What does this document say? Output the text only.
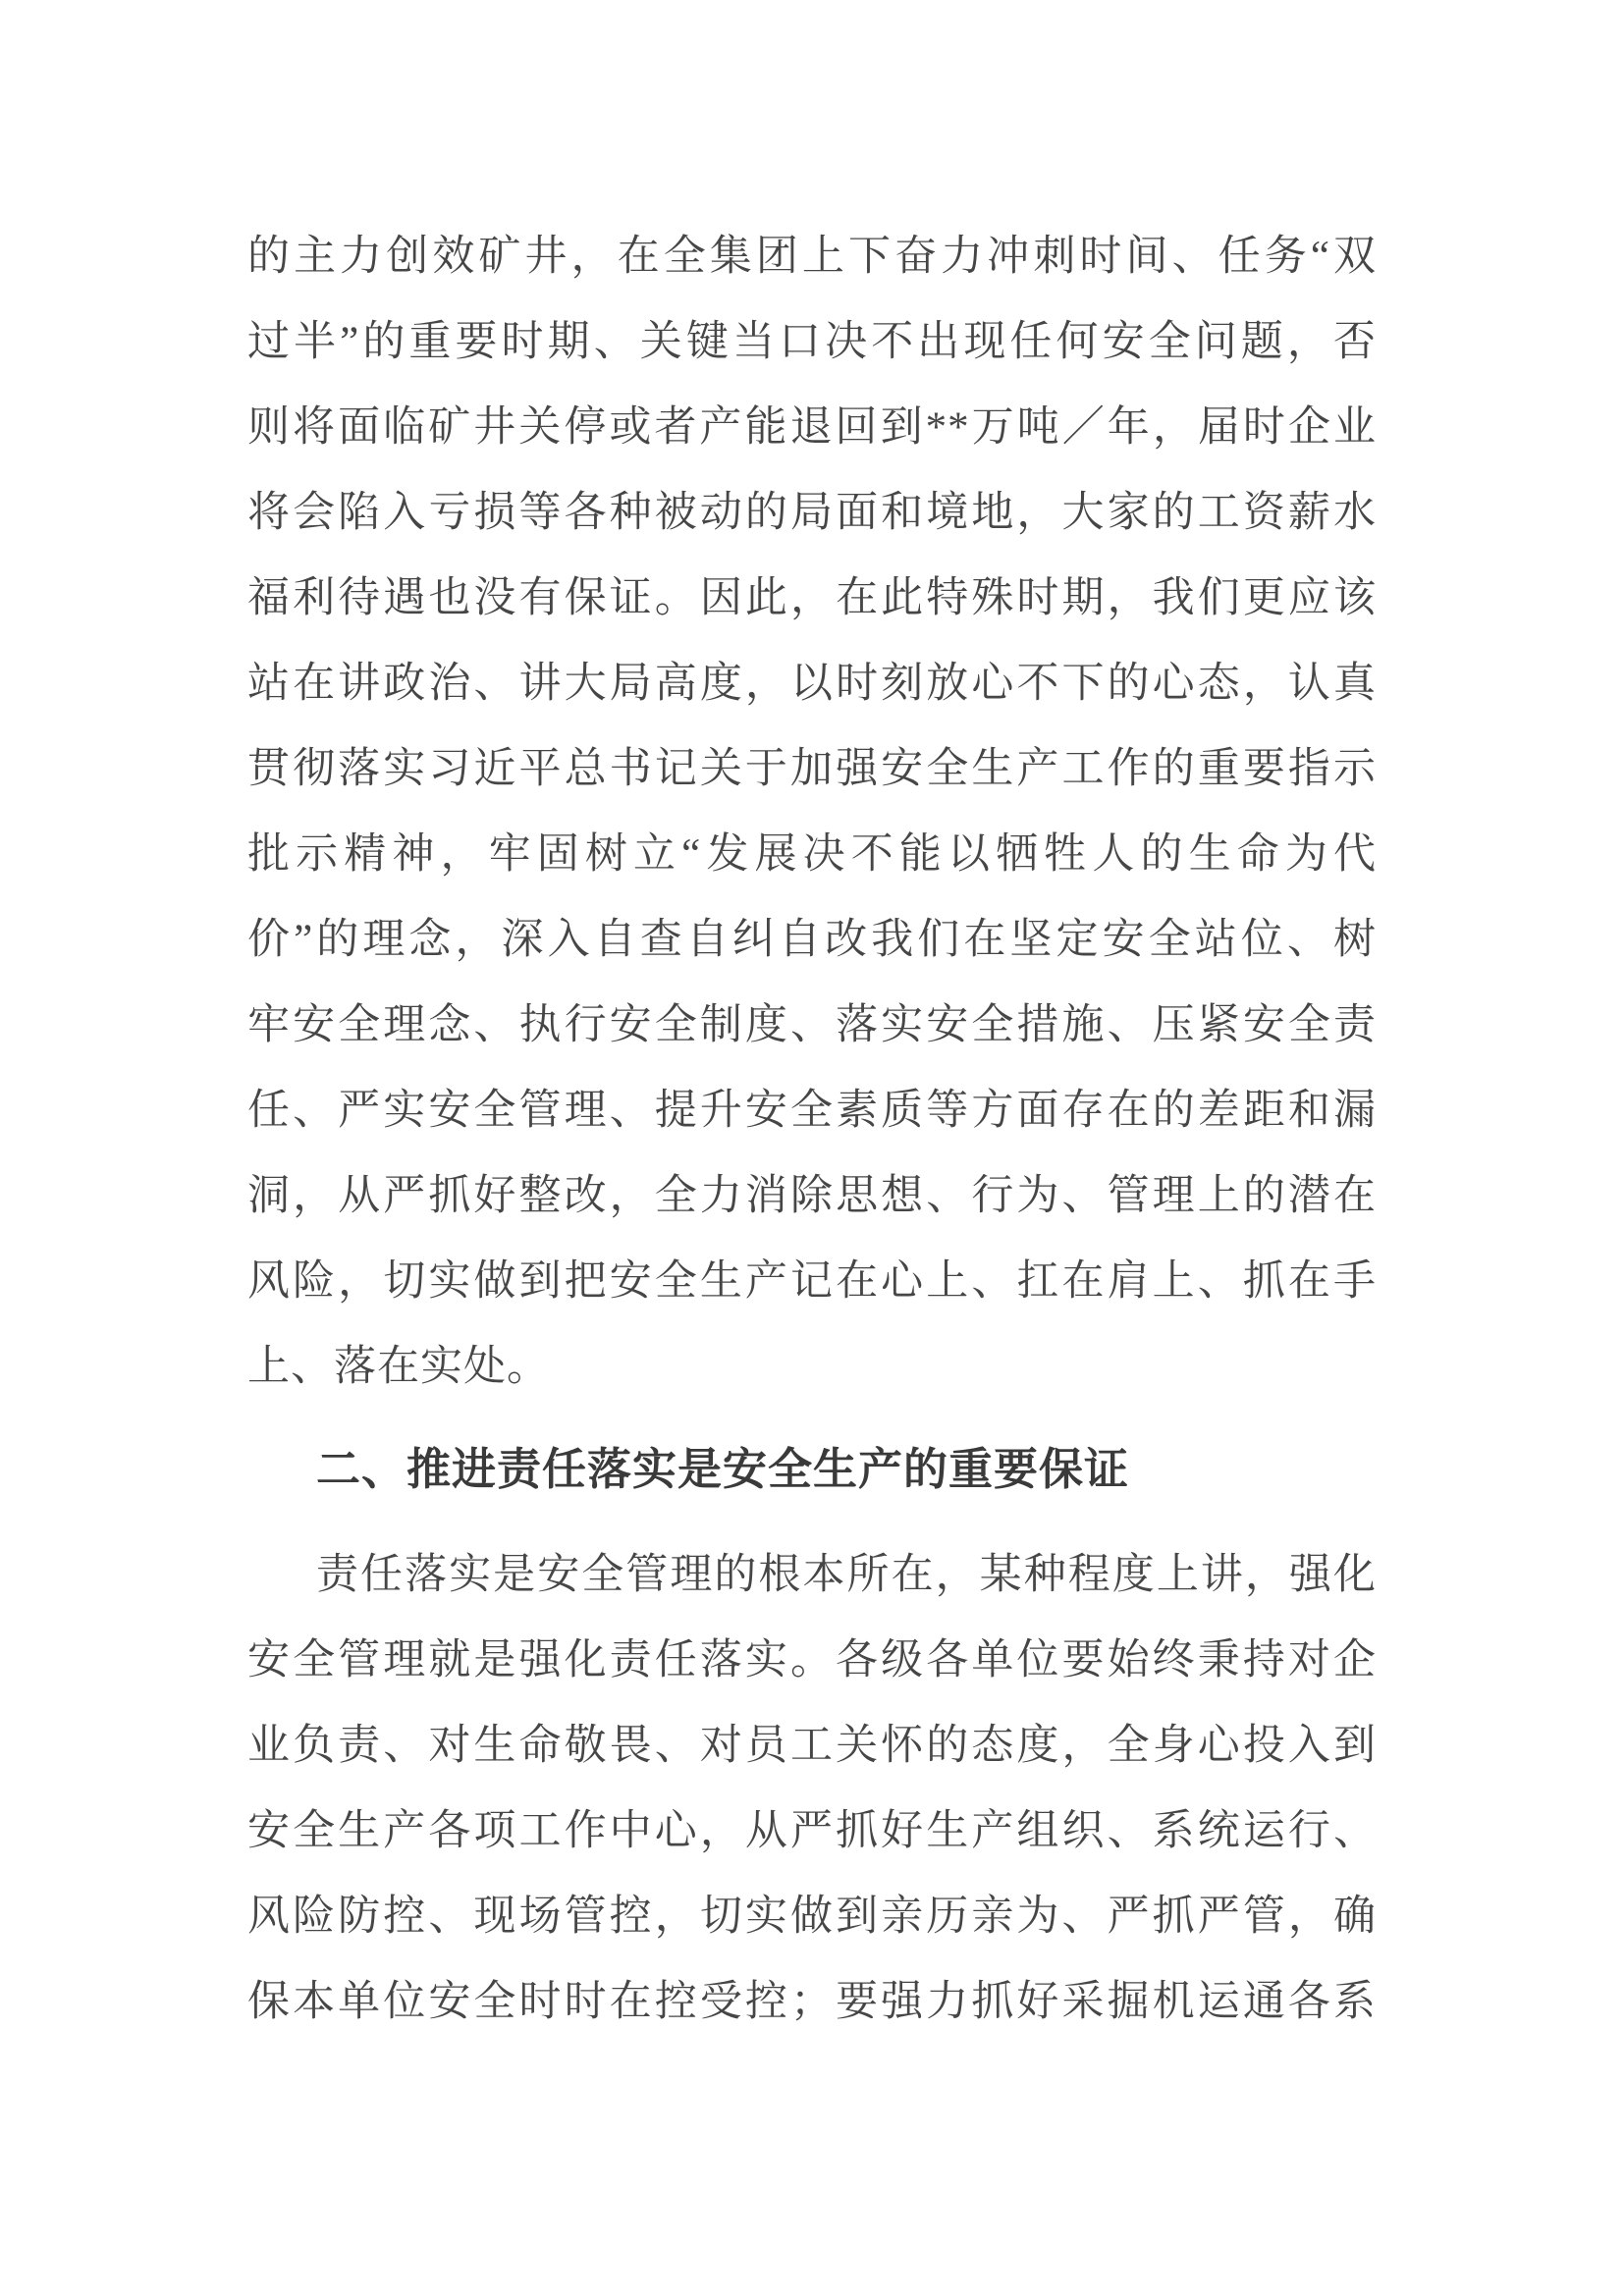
的主力创效矿井，在全集团上下奋力冲刺时间、任务“双
过半”的重要时期、关键当口决不出现任何安全问题，否
则将面临矿井关停或者产能退回到**万吨／年，届时企业
将会陷入亏损等各种被动的局面和境地，大家的工资薪水
福利待遇也没有保证。因此，在此特殊时期，我们更应该
站在讲政治、讲大局高度，以时刻放心不下的心态，认真
贯彻落实习近平总书记关于加强安全生产工作的重要指示
批示精神，牢固树立“发展决不能以牺牲人的生命为代
价”的理念，深入自查自纠自改我们在坚定安全站位、树
牢安全理念、执行安全制度、落实安全措施、压紧安全责
任、严实安全管理、提升安全素质等方面存在的差距和漏
洞，从严抓好整改，全力消除思想、行为、管理上的潜在
风险，切实做到把安全生产记在心上、扛在肩上、抓在手
上、落在实处。
二、推进责任落实是安全生产的重要保证
责任落实是安全管理的根本所在，某种程度上讲，强化
安全管理就是强化责任落实。各级各单位要始终秉持对企
业负责、对生命敬畏、对员工关怀的态度，全身心投入到
安全生产各项工作中心，从严抓好生产组织、系统运行、
风险防控、现场管控，切实做到亲历亲为、严抓严管，确
保本单位安全时时在控受控；要强力抓好采掘机运通各系
